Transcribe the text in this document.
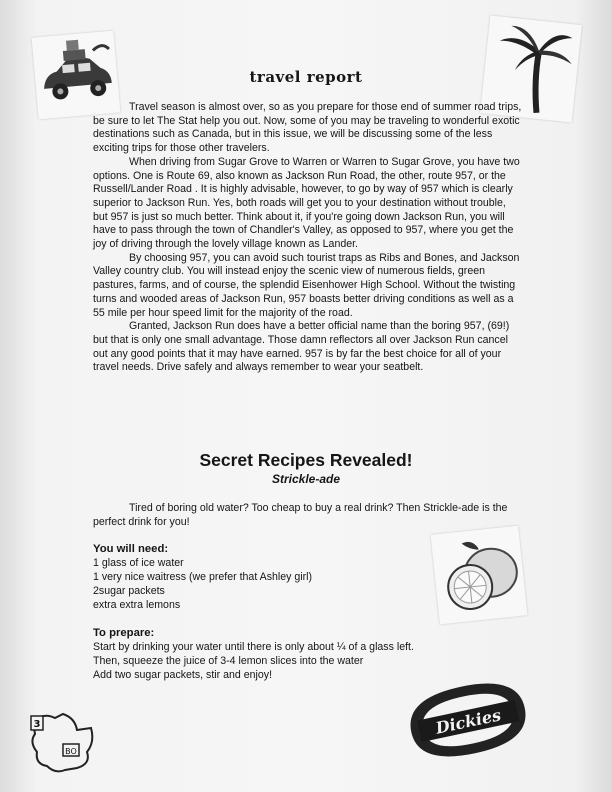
travel report

Travel season is almost over, so as you prepare for those end of summer road trips, be sure to let The Stat help you out. Now, some of you may be traveling to wonderful exotic destinations such as Canada, but in this issue, we will be discussing some of the less exciting trips for those other travelers.

When driving from Sugar Grove to Warren or Warren to Sugar Grove, you have two options. One is Route 69, also known as Jackson Run Road, the other, route 957, or the Russell/Lander Road . It is highly advisable, however, to go by way of 957 which is clearly superior to Jackson Run. Yes, both roads will get you to your destination without trouble, but 957 is just so much better. Think about it, if you're going down Jackson Run, you will have to pass through the town of Chandler's Valley, as opposed to 957, where you get the joy of driving through the lovely village known as Lander.

By choosing 957, you can avoid such tourist traps as Ribs and Bones, and Jackson Valley country club. You will instead enjoy the scenic view of numerous fields, green pastures, farms, and of course, the splendid Eisenhower High School. Without the twisting turns and wooded areas of Jackson Run, 957 boasts better driving conditions as well as a 55 mile per hour speed limit for the majority of the road.

Granted, Jackson Run does have a better official name than the boring 957, (69!) but that is only one small advantage. Those damn reflectors all over Jackson Run cancel out any good points that it may have earned. 957 is by far the best choice for all of your travel needs. Drive safely and always remember to wear your seatbelt.

Secret Recipes Revealed!
Strickle-ade

Tired of boring old water? Too cheap to buy a real drink? Then Strickle-ade is the perfect drink for you!

You will need:
1 glass of ice water
1 very nice waitress (we prefer that Ashley girl)
2sugar packets
extra extra lemons
To prepare:
Start by drinking your water until there is only about ¼ of a glass left.
Then, squeeze the juice of 3-4 lemon slices into the water
Add two sugar packets, stir and enjoy!
Dickies
3
BO
